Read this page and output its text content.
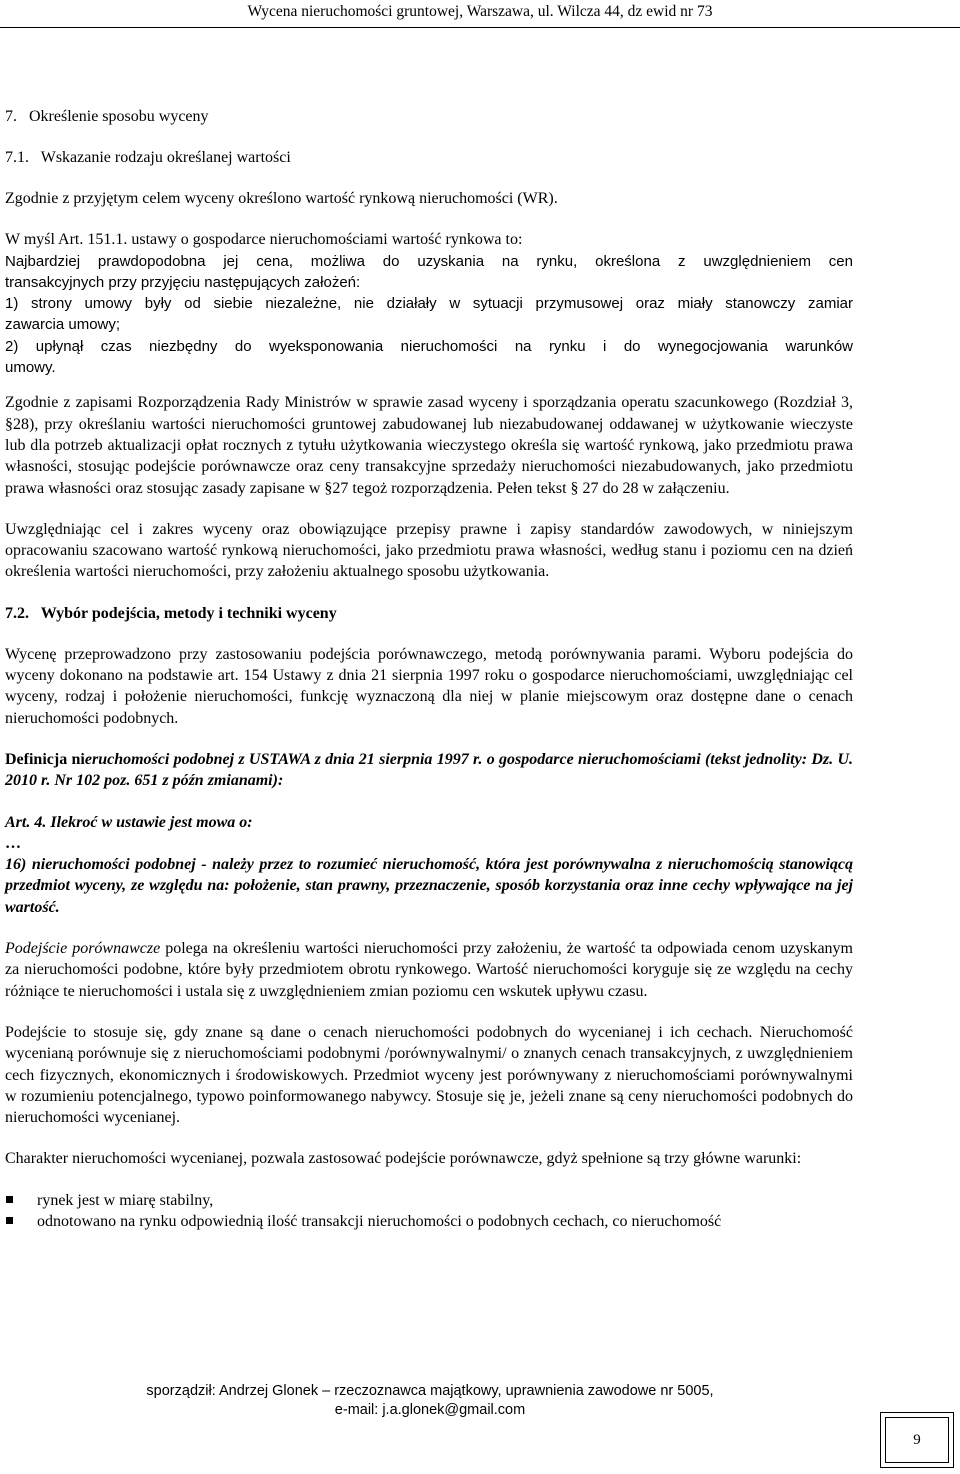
Wycena nieruchomości gruntowej, Warszawa, ul. Wilcza 44, dz ewid nr 73

7.   Określenie sposobu wyceny

7.1.   Wskazanie rodzaju określanej wartości

Zgodnie z przyjętym celem wyceny określono wartość rynkową nieruchomości (WR).

W myśl Art. 151.1. ustawy o gospodarce nieruchomościami wartość rynkowa to:
Najbardziej prawdopodobna jej cena, możliwa do uzyskania na rynku, określona z uwzględnieniem cen
transakcyjnych przy przyjęciu następujących założeń:
1) strony umowy były od siebie niezależne, nie działały w sytuacji przymusowej oraz miały stanowczy zamiar
zawarcia umowy;
2) upłynął czas niezbędny do wyeksponowania nieruchomości na rynku i do wynegocjowania warunków
umowy.

Zgodnie z zapisami Rozporządzenia Rady Ministrów w sprawie zasad wyceny i sporządzania operatu szacunkowego (Rozdział 3, §28), przy określaniu wartości nieruchomości gruntowej zabudowanej lub niezabudowanej oddawanej w użytkowanie wieczyste lub dla potrzeb aktualizacji opłat rocznych z tytułu użytkowania wieczystego określa się wartość rynkową, jako przedmiotu prawa własności, stosując podejście porównawcze oraz ceny transakcyjne sprzedaży nieruchomości niezabudowanych, jako przedmiotu prawa własności oraz stosując zasady zapisane w §27 tegoż rozporządzenia. Pełen tekst § 27 do 28 w załączeniu.

Uwzględniając cel i zakres wyceny oraz obowiązujące przepisy prawne i zapisy standardów zawodowych, w niniejszym opracowaniu szacowano wartość rynkową nieruchomości, jako przedmiotu prawa własności, według stanu i poziomu cen na dzień określenia wartości nieruchomości, przy założeniu aktualnego sposobu użytkowania.

7.2.   Wybór podejścia, metody i techniki wyceny

Wycenę przeprowadzono przy zastosowaniu podejścia porównawczego, metodą porównywania parami. Wyboru podejścia do wyceny dokonano na podstawie art. 154 Ustawy z dnia 21 sierpnia 1997 roku o gospodarce nieruchomościami, uwzględniając cel wyceny, rodzaj i położenie nieruchomości, funkcję wyznaczoną dla niej w planie miejscowym oraz dostępne dane o cenach nieruchomości podobnych.

Definicja nieruchomości podobnej z USTAWA z dnia 21 sierpnia 1997 r. o gospodarce nieruchomościami (tekst jednolity: Dz. U. 2010 r. Nr 102 poz. 651 z późn zmianami):

Art. 4. Ilekroć w ustawie jest mowa o:

…

16) nieruchomości podobnej - należy przez to rozumieć nieruchomość, która jest porównywalna z nieruchomością stanowiącą przedmiot wyceny, ze względu na: położenie, stan prawny, przeznaczenie, sposób korzystania oraz inne cechy wpływające na jej wartość.

Podejście porównawcze polega na określeniu wartości nieruchomości przy założeniu, że wartość ta odpowiada cenom uzyskanym za nieruchomości podobne, które były przedmiotem obrotu rynkowego. Wartość nieruchomości koryguje się ze względu na cechy różniące te nieruchomości i ustala się z uwzględnieniem zmian poziomu cen wskutek upływu czasu.

Podejście to stosuje się, gdy znane są dane o cenach nieruchomości podobnych do wycenianej i ich cechach. Nieruchomość wycenianą porównuje się z nieruchomościami podobnymi /porównywalnymi/ o znanych cenach transakcyjnych, z uwzględnieniem cech fizycznych, ekonomicznych i środowiskowych. Przedmiot wyceny jest porównywany z nieruchomościami porównywalnymi w rozumieniu potencjalnego, typowo poinformowanego nabywcy. Stosuje się je, jeżeli znane są ceny nieruchomości podobnych do nieruchomości wycenianej.

Charakter nieruchomości wycenianej, pozwala zastosować podejście porównawcze, gdyż spełnione są trzy główne warunki:

rynek jest w miarę stabilny,
odnotowano na rynku odpowiednią ilość transakcji nieruchomości o podobnych cechach, co nieruchomość
sporządził: Andrzej Glonek – rzeczoznawca majątkowy, uprawnienia zawodowe nr 5005,
e-mail: j.a.glonek@gmail.com
9
